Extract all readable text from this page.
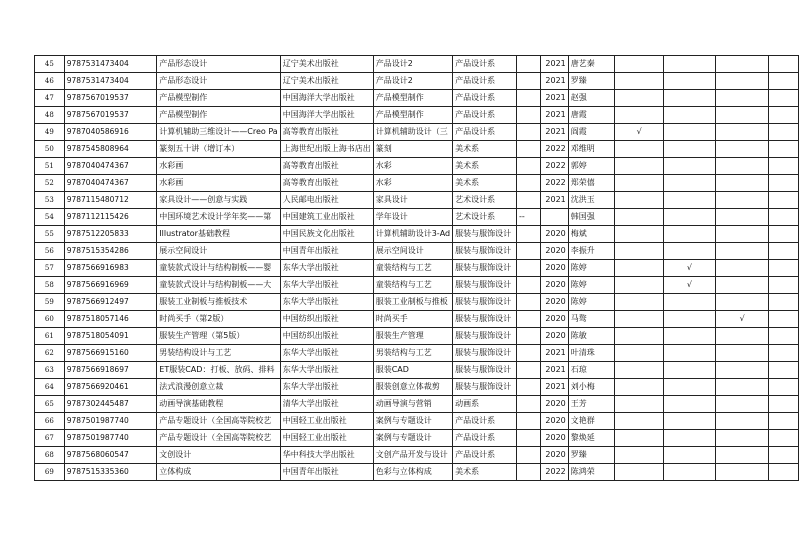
45	9787531473404	产品形态设计	辽宁美术出版社	产品设计2	产品设计系		2021	唐艺秦				
46	9787531473404	产品形态设计	辽宁美术出版社	产品设计2	产品设计系		2021	罗臻				
47	9787567019537	产品模型制作	中国海洋大学出版社	产品模型制作	产品设计系		2021	赵强				
48	9787567019537	产品模型制作	中国海洋大学出版社	产品模型制作	产品设计系		2021	唐霞				
49	9787040586916	计算机辅助三维设计——Creo Pa	高等教育出版社	计算机辅助设计（三	产品设计系		2021	阎霞	√			
50	9787545808964	篆刻五十讲（增订本）	上海世纪出版上海书店出	篆刻	美术系		2022	邓维明				
51	9787040474367	水彩画	高等教育出版社	水彩	美术系		2022	郭婷				
52	9787040474367	水彩画	高等教育出版社	水彩	美术系		2022	郑荣僖				
53	9787115480712	家具设计——创意与实践	人民邮电出版社	家具设计	艺术设计系		2021	沈洪玉				
54	9787112115426	中国环境艺术设计学年奖——第	中国建筑工业出版社	学年设计	艺术设计系	--		韩国强				
55	9787512205833	Illustrator基础教程	中国民族文化出版社	计算机辅助设计3-Ad	服装与服饰设计		2020	梅斌				
56	9787515354286	展示空间设计	中国青年出版社	展示空间设计	服装与服饰设计		2020	李振升				
57	9787566916983	童装款式设计与结构制板——婴	东华大学出版社	童装结构与工艺	服装与服饰设计		2020	陈婷		√		
58	9787566916969	童装款式设计与结构制板——大	东华大学出版社	童装结构与工艺	服装与服饰设计		2020	陈婷		√		
59	9787566912497	服装工业制板与推板技术	东华大学出版社	服装工业制板与推板	服装与服饰设计		2020	陈婷				
60	9787518057146	时尚买手（第2版）	中国纺织出版社	时尚买手	服装与服饰设计		2020	马骜			√	
61	9787518054091	服装生产管理（第5版）	中国纺织出版社	服装生产管理	服装与服饰设计		2020	陈敏				
62	9787566915160	男装结构设计与工艺	东华大学出版社	男装结构与工艺	服装与服饰设计		2021	叶清珠				
63	9787566918697	ET服装CAD：打板、放码、排料	东华大学出版社	服装CAD	服装与服饰设计		2021	石琼				
64	9787566920461	法式浪漫创意立裁	东华大学出版社	服装创意立体裁剪	服装与服饰设计		2021	刘小梅				
65	9787302445487	动画导演基础教程	清华大学出版社	动画导演与营销	动画系		2020	王芳				
66	9787501987740	产品专题设计（全国高等院校艺	中国轻工业出版社	案例与专题设计	产品设计系		2020	文艳群				
67	9787501987740	产品专题设计（全国高等院校艺	中国轻工业出版社	案例与专题设计	产品设计系		2020	黎焕延				
68	9787568060547	文创设计	华中科技大学出版社	文创产品开发与设计	产品设计系		2020	罗臻				
69	9787515335360	立体构成	中国青年出版社	色彩与立体构成	美术系		2022	陈鸿荣				
